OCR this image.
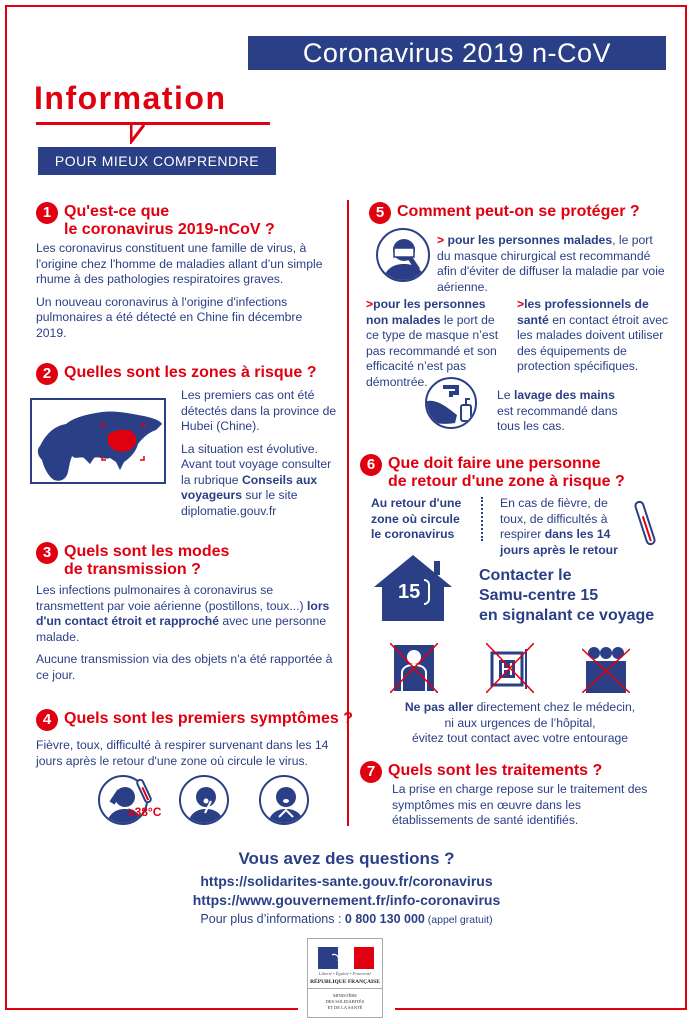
Coronavirus 2019 n-CoV
Information
POUR MIEUX COMPRENDRE
1 Qu'est-ce que
le coronavirus 2019-nCoV ?

Les coronavirus constituent une famille de virus, à l'origine chez l'homme de maladies allant d’un simple rhume à des pathologies respiratoires graves.

Un nouveau coronavirus à l'origine d'infections pulmonaires a été détecté en Chine fin décembre 2019.

2 Quelles sont les zones à risque ?

Les premiers cas ont été détectés dans la province de Hubei (Chine).

La situation est évolutive. Avant tout voyage consulter la rubrique Conseils aux voyageurs sur le site diplomatie.gouv.fr

3 Quels sont les modes
de transmission ?

Les infections pulmonaires à coronavirus se transmettent par voie aérienne (postillons, toux...) lors d'un contact étroit et rapproché avec une personne malade.

Aucune transmission via des objets n'a été rapportée à ce jour.

4 Quels sont les premiers symptômes ?

Fièvre, toux, difficulté à respirer survenant dans les 14 jours après le retour d'une zone où circule le virus.

≥38°C
5 Comment peut-on se protéger ?
> pour les personnes malades, le port du masque chirurgical est recommandé afin d'éviter de diffuser la maladie par voie aérienne.
>pour les personnes non malades le port de ce type de masque n’est pas recommandé et son efficacité n’est pas démontrée.
>les professionnels de santé en contact étroit avec les malades doivent utiliser des équipements de protection spécifiques.
Le lavage des mains est recommandé dans tous les cas.
6 Que doit faire une personne
de retour d'une zone à risque ?
Au retour d'une zone où circule le coronavirus
En cas de fièvre, de toux, de difficultés à respirer dans les 14 jours après le retour
15
Contacter le
Samu-centre 15
en signalant ce voyage
Ne pas aller directement chez le médecin,
ni aux urgences de l’hôpital,
évitez tout contact avec votre entourage
7 Quels sont les traitements ?

La prise en charge repose sur le traitement des symptômes mis en œuvre dans les établissements de santé identifiés.

Vous avez des questions ?
https://solidarites-sante.gouv.fr/coronavirus
https://www.gouvernement.fr/info-coronavirus
Pour plus d’informations : 0 800 130 000 (appel gratuit)
Liberté • Égalité • Fraternité
RÉPUBLIQUE FRANÇAISE
MINISTÈRE
DES SOLIDARITÉS
ET DE LA SANTÉ
